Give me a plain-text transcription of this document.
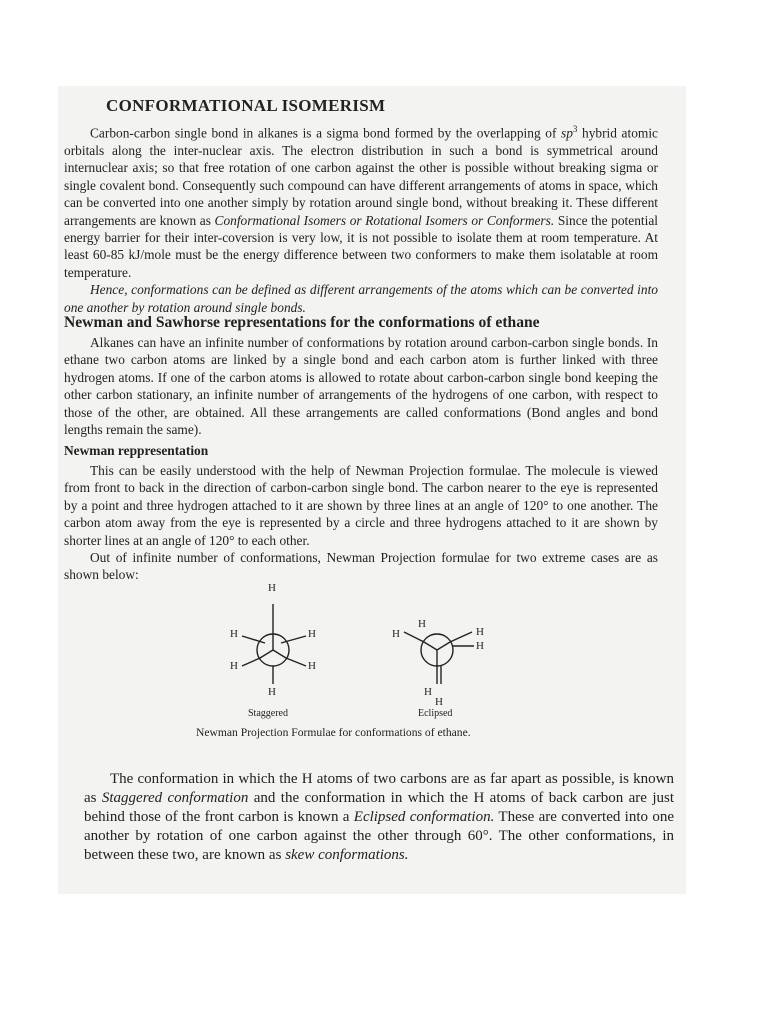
CONFORMATIONAL ISOMERISM

Carbon-carbon single bond in alkanes is a sigma bond formed by the overlapping of $sp^3$ hybrid atomic orbitals along the inter-nuclear axis. The electron distribution in such a bond is symmetrical around internuclear axis; so that free rotation of one carbon against the other is possible without breaking sigma or single covalent bond. Consequently such compound can have different arrangements of atoms in space, which can be converted into one another simply by rotation around single bond, without breaking it. These different arrangements are known as Conformational Isomers or Rotational Isomers or Conformers. Since the potential energy barrier for their inter-coversion is very low, it is not possible to isolate them at room temperature. At least 60-85 kJ/mole must be the energy difference between two conformers to make them isolatable at room temperature.

Hence, conformations can be defined as different arrangements of the atoms which can be converted into one another by rotation around single bonds.

Newman and Sawhorse representations for the conformations of ethane

Alkanes can have an infinite number of conformations by rotation around carbon-carbon single bonds. In ethane two carbon atoms are linked by a single bond and each carbon atom is further linked with three hydrogen atoms. If one of the carbon atoms is allowed to rotate about carbon-carbon single bond keeping the other carbon stationary, an infinite number of arrangements of the hydrogens of one carbon, with respect to those of the other, are obtained. All these arrangements are called conformations (Bond angles and bond lengths remain the same).

Newman reppresentation

This can be easily understood with the help of Newman Projection formulae. The molecule is viewed from front to back in the direction of carbon-carbon single bond. The carbon nearer to the eye is represented by a point and three hydrogen attached to it are shown by three lines at an angle of 120° to one another. The carbon atom away from the eye is represented by a circle and three hydrogens attached to it are shown by shorter lines at an angle of 120° to each other.

Out of infinite number of conformations, Newman Projection formulae for two extreme cases are as shown below:

H
H	H
H	H
H
H
H	H
H
H
H
Staggered	Eclipsed
Newman Projection Formulae for conformations of ethane.

The conformation in which the H atoms of two carbons are as far apart as possible, is known as Staggered conformation and the conformation in which the H atoms of back carbon are just behind those of the front carbon is known a Eclipsed conformation. These are converted into one another by rotation of one carbon against the other through 60°. The other conformations, in between these two, are known as skew conformations.
